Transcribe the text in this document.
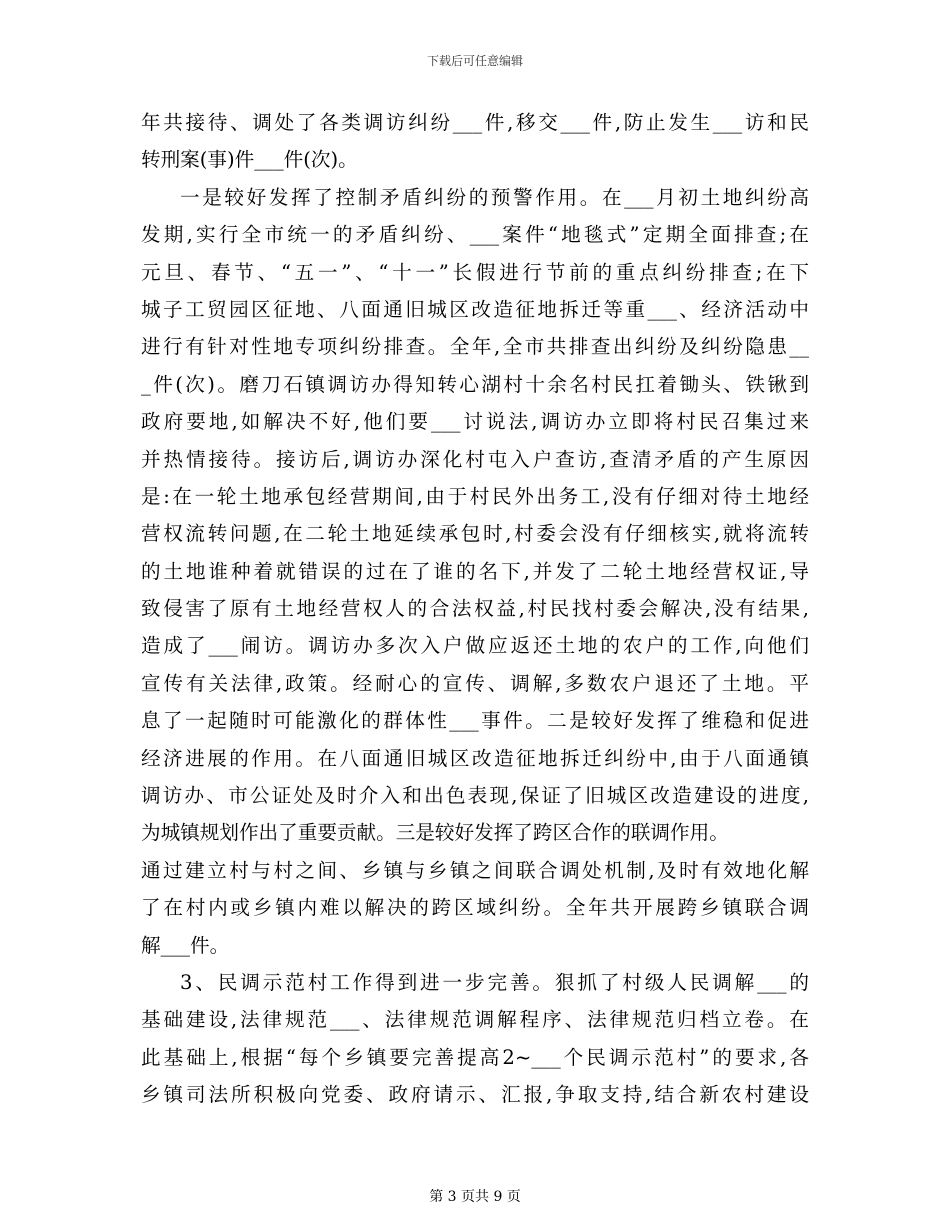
下载后可任意编辑
年共接待、调处了各类调访纠纷___件,移交___件,防止发生___访和民
转刑案(事)件___件(次)。
一是较好发挥了控制矛盾纠纷的预警作用。在___月初土地纠纷高
发期,实行全市统一的矛盾纠纷、___案件“地毯式”定期全面排查;在
元旦、春节、“五一”、“十一”长假进行节前的重点纠纷排查;在下
城子工贸园区征地、八面通旧城区改造征地拆迁等重___、经济活动中
进行有针对性地专项纠纷排查。全年,全市共排查出纠纷及纠纷隐患__
_件(次)。磨刀石镇调访办得知转心湖村十余名村民扛着锄头、铁锹到
政府要地,如解决不好,他们要___讨说法,调访办立即将村民召集过来
并热情接待。接访后,调访办深化村屯入户查访,查清矛盾的产生原因
是:在一轮土地承包经营期间,由于村民外出务工,没有仔细对待土地经
营权流转问题,在二轮土地延续承包时,村委会没有仔细核实,就将流转
的土地谁种着就错误的过在了谁的名下,并发了二轮土地经营权证,导
致侵害了原有土地经营权人的合法权益,村民找村委会解决,没有结果,
造成了___闹访。调访办多次入户做应返还土地的农户的工作,向他们
宣传有关法律,政策。经耐心的宣传、调解,多数农户退还了土地。平
息了一起随时可能激化的群体性___事件。二是较好发挥了维稳和促进
经济进展的作用。在八面通旧城区改造征地拆迁纠纷中,由于八面通镇
调访办、市公证处及时介入和出色表现,保证了旧城区改造建设的进度,
为城镇规划作出了重要贡献。三是较好发挥了跨区合作的联调作用。
通过建立村与村之间、乡镇与乡镇之间联合调处机制,及时有效地化解
了在村内或乡镇内难以解决的跨区域纠纷。全年共开展跨乡镇联合调
解___件。
3、民调示范村工作得到进一步完善。狠抓了村级人民调解___的
基础建设,法律规范___、法律规范调解程序、法律规范归档立卷。在
此基础上,根据“每个乡镇要完善提高2~___个民调示范村”的要求,各
乡镇司法所积极向党委、政府请示、汇报,争取支持,结合新农村建设
第 3 页共 9 页
